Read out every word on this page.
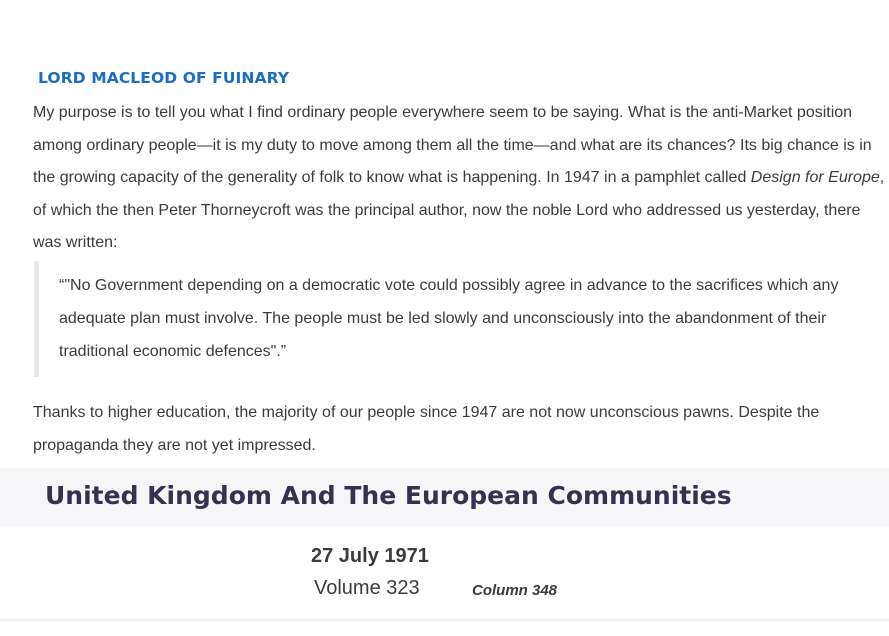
LORD MACLEOD OF FUINARY

My purpose is to tell you what I find ordinary people everywhere seem to be saying. What is the anti-Market position among ordinary people—it is my duty to move among them all the time—and what are its chances? Its big chance is in the growing capacity of the generality of folk to know what is happening. In 1947 in a pamphlet called Design for Europe, of which the then Peter Thorneycroft was the principal author, now the noble Lord who addressed us yesterday, there was written:

“"No Government depending on a democratic vote could possibly agree in advance to the sacrifices which any adequate plan must involve. The people must be led slowly and unconsciously into the abandonment of their traditional economic defences".”

Thanks to higher education, the majority of our people since 1947 are not now unconscious pawns. Despite the propaganda they are not yet impressed.

United Kingdom And The European Communities
27 July 1971
Volume 323	Column 348
